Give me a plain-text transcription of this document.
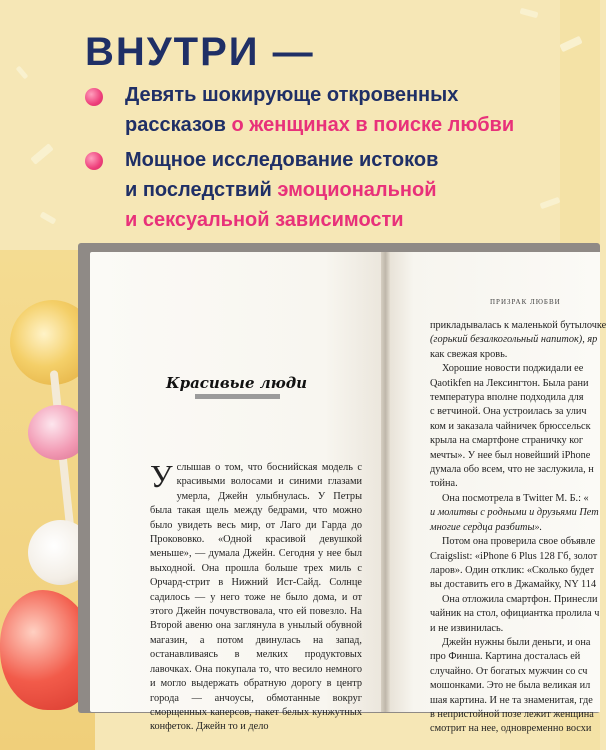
ВНУТРИ —
Девять шокирующе откровенных
рассказов о женщинах в поиске любви
Мощное исследование истоков
и последствий эмоциональной
и сексуальной зависимости
Красивые люди
Услышав о том, что боснийская модель с красивыми волосами и синими глазами умерла, Джейн улыбнулась. У Петры была такая щель между бедрами, что можно было увидеть весь мир, от Лаго ди Гарда до Прокововко. «Одной красивой девушкой меньше», — думала Джейн. Сегодня у нее был выходной. Она прошла больше трех миль с Орчард-стрит в Нижний Ист-Сайд. Солнце садилось — у него тоже не было дома, и от этого Джейн почувствовала, что ей повезло. На Второй авеню она заглянула в унылый обувной магазин, а потом двинулась на запад, останавливаясь в мелких продуктовых лавочках. Она покупала то, что весило немного и могло выдержать обратную дорогу в центр города — анчоусы, обмотанные вокруг сморщенных каперсов, пакет белых кунжутных конфеток. Джейн то и дело
ПРИЗРАК ЛЮБВИ

прикладывалась к маленькой бутылочке

(горький безалкогольный напиток), яр

как свежая кровь.

Хорошие новости поджидали ее

Qaotikfen на Лексингтон. Была рани

температура вполне подходила для

с ветчиной. Она устроилась за улич

ком и заказала чайничек брюссельск

крыла на смартфоне страничку ког

мечты». У нее был новейший iPhone

думала обо всем, что не заслужила, н

тойна.

Она посмотрела в Twitter М. Б.: «

и молитвы с родными и друзьями Пет

многие сердца разбиты».

Потом она проверила свое объявле

Craigslist: «iPhone 6 Plus 128 Гб, золот

ларов». Один отклик: «Сколько будет

вы доставить его в Джамайку, NY 114

Она отложила смартфон. Принесли

чайник на стол, официантка пролила ч

и не извинилась.

Джейн нужны были деньги, и она

про Финша. Картина досталась ей

случайно. От богатых мужчин со сч

мошонками. Это не была великая ил

шая картина. И не та знаменитая, где

в непристойной позе лежит женщина

смотрит на нее, одновременно восхи
